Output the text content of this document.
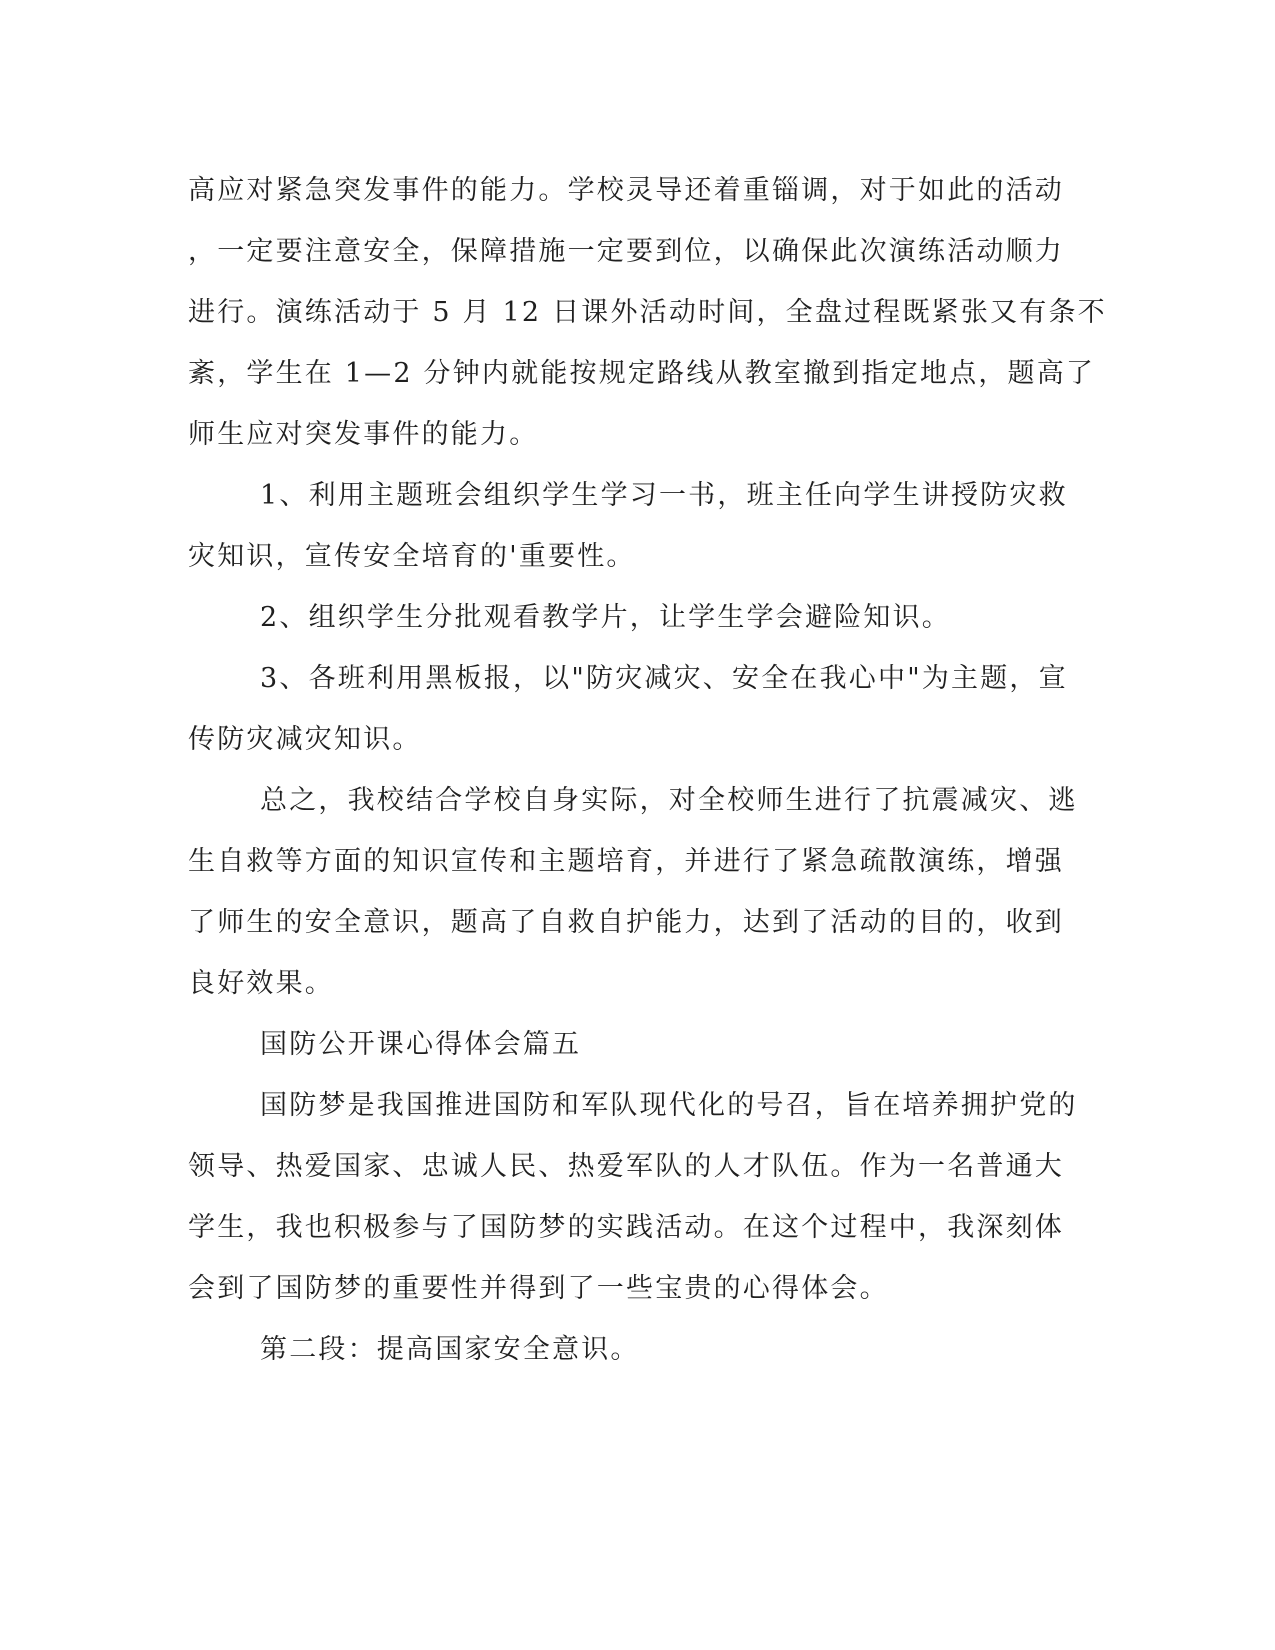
高应对紧急突发事件的能力。学校灵导还着重锱调，对于如此的活动
，一定要注意安全，保障措施一定要到位，以确保此次演练活动顺力
进行。演练活动于 5 月 12 日课外活动时间，全盘过程既紧张又有条不
紊，学生在 1—2 分钟内就能按规定路线从教室撤到指定地点，题高了
师生应对突发事件的能力。
1、利用主题班会组织学生学习一书，班主任向学生讲授防灾救
灾知识，宣传安全培育的'重要性。
2、组织学生分批观看教学片，让学生学会避险知识。
3、各班利用黑板报，以"防灾减灾、安全在我心中"为主题，宣
传防灾减灾知识。
总之，我校结合学校自身实际，对全校师生进行了抗震减灾、逃
生自救等方面的知识宣传和主题培育，并进行了紧急疏散演练，增强
了师生的安全意识，题高了自救自护能力，达到了活动的目的，收到
良好效果。
国防公开课心得体会篇五
国防梦是我国推进国防和军队现代化的号召，旨在培养拥护党的
领导、热爱国家、忠诚人民、热爱军队的人才队伍。作为一名普通大
学生，我也积极参与了国防梦的实践活动。在这个过程中，我深刻体
会到了国防梦的重要性并得到了一些宝贵的心得体会。
第二段：提高国家安全意识。
